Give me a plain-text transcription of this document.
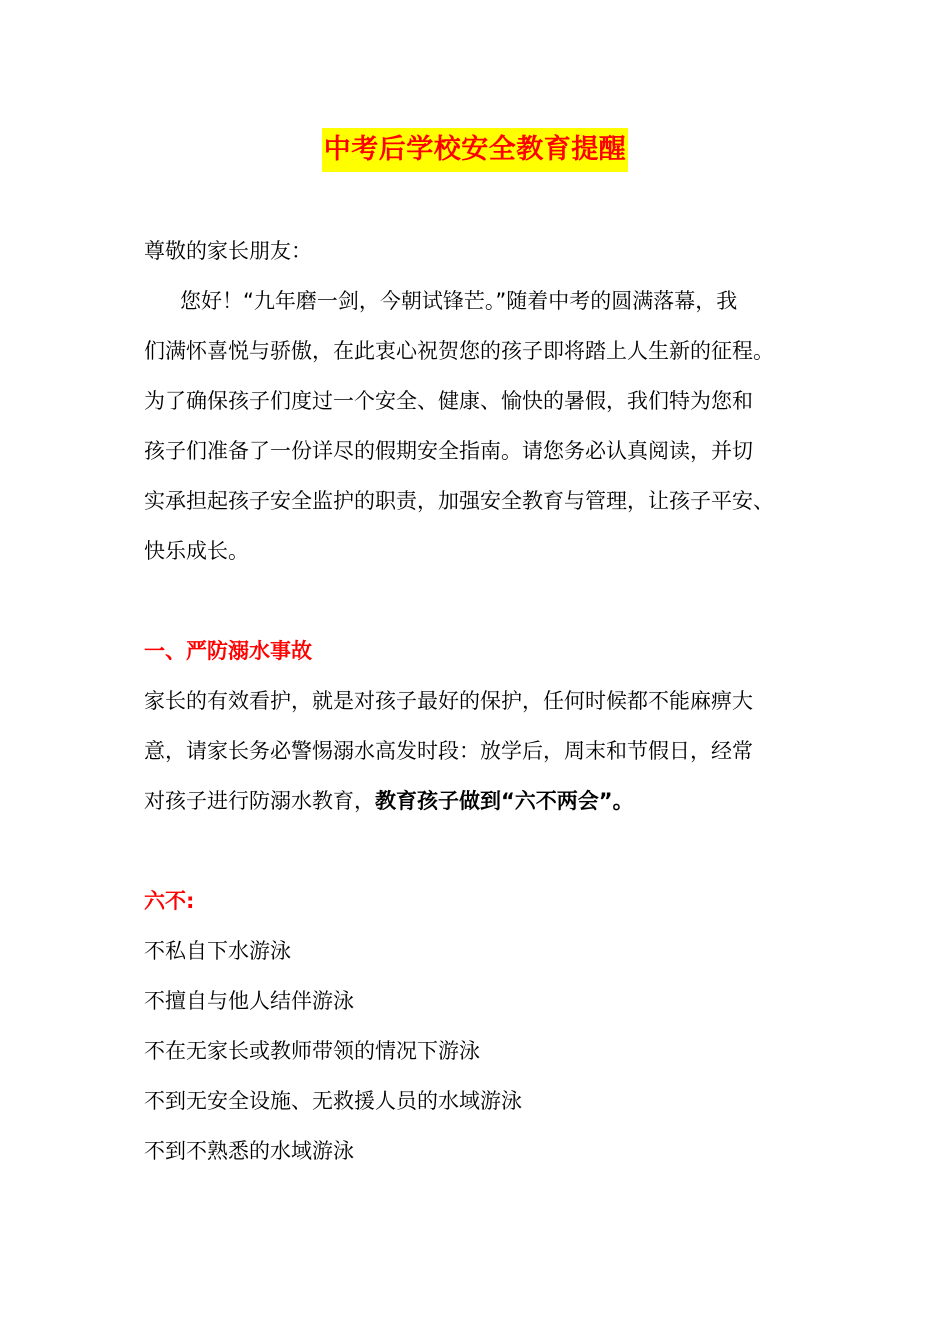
中考后学校安全教育提醒
尊敬的家长朋友：
您好！“九年磨一剑，今朝试锋芒。”随着中考的圆满落幕，我
们满怀喜悦与骄傲，在此衷心祝贺您的孩子即将踏上人生新的征程。
为了确保孩子们度过一个安全、健康、愉快的暑假，我们特为您和
孩子们准备了一份详尽的假期安全指南。请您务必认真阅读，并切
实承担起孩子安全监护的职责，加强安全教育与管理，让孩子平安、
快乐成长。
一、严防溺水事故
家长的有效看护，就是对孩子最好的保护，任何时候都不能麻痹大
意，请家长务必警惕溺水高发时段：放学后，周末和节假日，经常
对孩子进行防溺水教育，教育孩子做到“六不两会”。
六不:
不私自下水游泳
不擅自与他人结伴游泳
不在无家长或教师带领的情况下游泳
不到无安全设施、无救援人员的水域游泳
不到不熟悉的水域游泳
